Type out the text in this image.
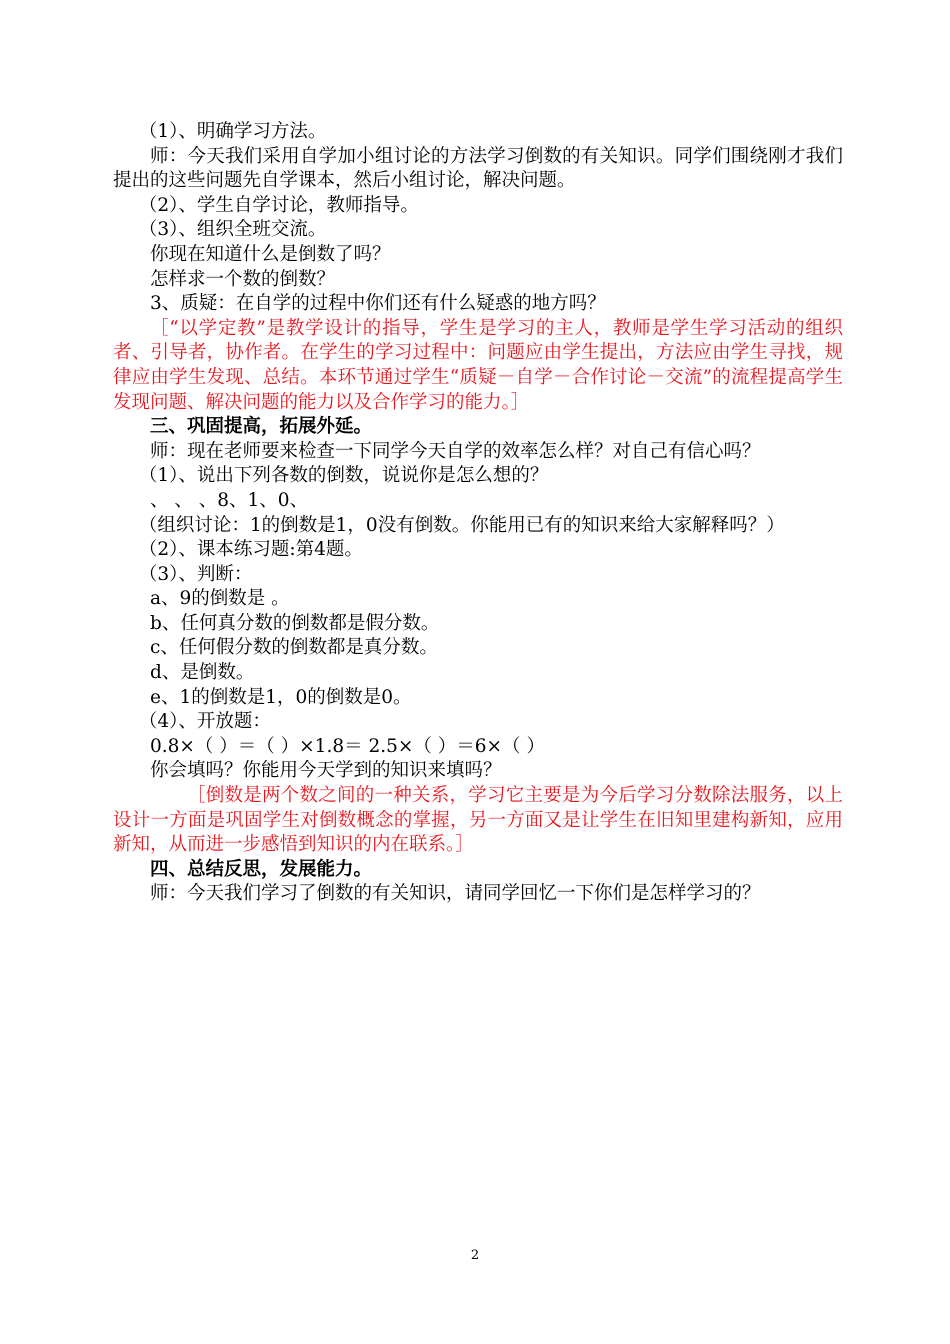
（1）、明确学习方法。

师：今天我们采用自学加小组讨论的方法学习倒数的有关知识。同学们围绕刚才我们提出的这些问题先自学课本，然后小组讨论，解决问题。

（2）、学生自学讨论，教师指导。

（3）、组织全班交流。

你现在知道什么是倒数了吗？

怎样求一个数的倒数？

3、质疑：在自学的过程中你们还有什么疑惑的地方吗？

［“以学定教”是教学设计的指导，学生是学习的主人，教师是学生学习活动的组织者、引导者，协作者。在学生的学习过程中：问题应由学生提出，方法应由学生寻找，规律应由学生发现、总结。本环节通过学生“质疑－自学－合作讨论－交流”的流程提高学生发现问题、解决问题的能力以及合作学习的能力。］

三、巩固提高，拓展外延。

师：现在老师要来检查一下同学今天自学的效率怎么样？对自己有信心吗？

（1）、说出下列各数的倒数，说说你是怎么想的？

、 、 、8、1、0、

（组织讨论：1的倒数是1，0没有倒数。你能用已有的知识来给大家解释吗？）

（2）、课本练习题:第4题。

（3）、判断：

a、9的倒数是 。

b、任何真分数的倒数都是假分数。

c、任何假分数的倒数都是真分数。

d、是倒数。

e、1的倒数是1，0的倒数是0。

（4）、开放题：

0.8×（ ）＝（ ）×1.8＝ 2.5×（ ）＝6×（ ）

你会填吗？你能用今天学到的知识来填吗？

［倒数是两个数之间的一种关系，学习它主要是为今后学习分数除法服务，以上设计一方面是巩固学生对倒数概念的掌握，另一方面又是让学生在旧知里建构新知，应用新知，从而进一步感悟到知识的内在联系。］

四、总结反思，发展能力。

师：今天我们学习了倒数的有关知识，请同学回忆一下你们是怎样学习的？

2
